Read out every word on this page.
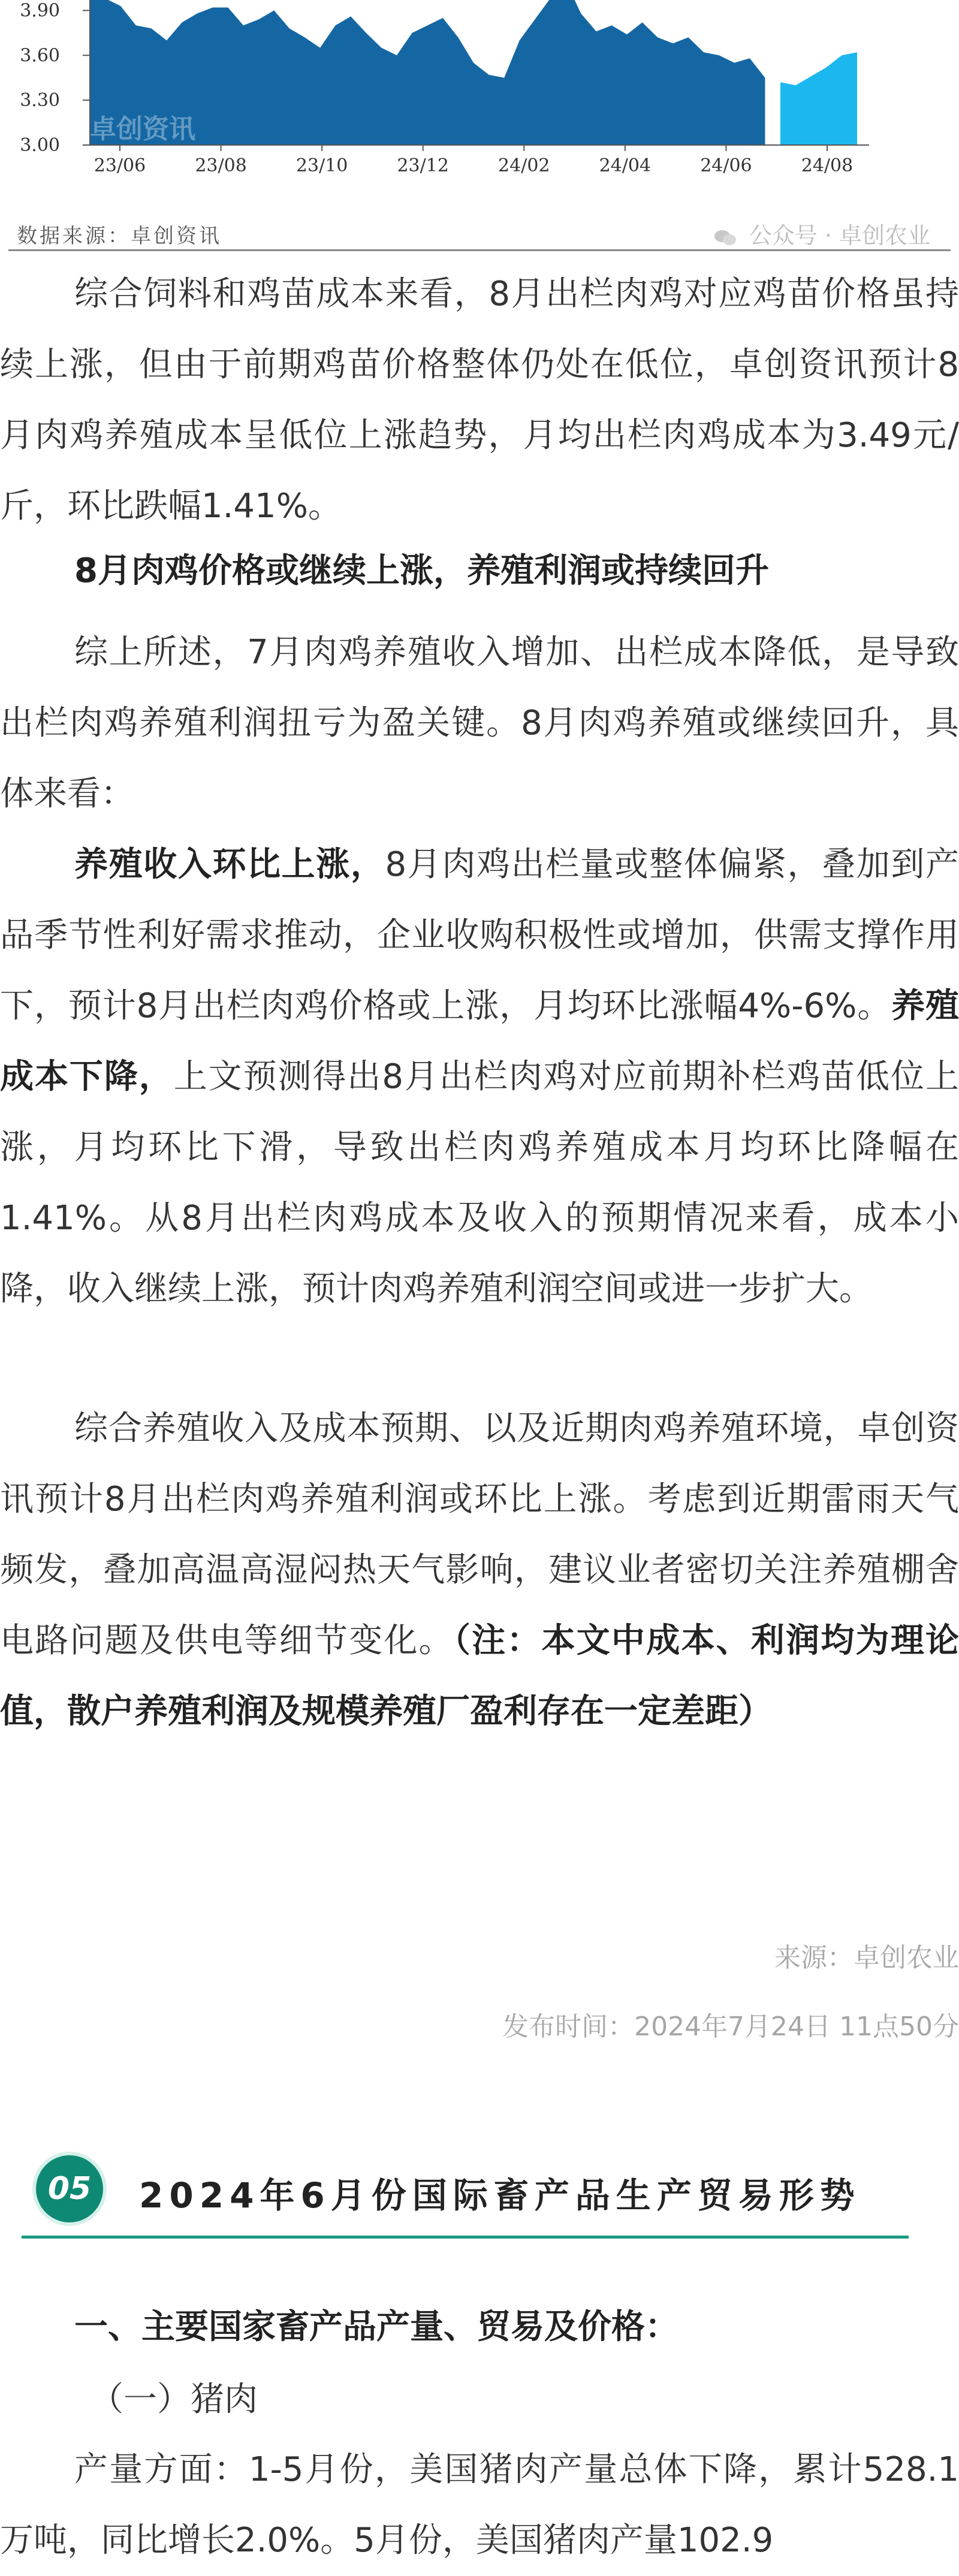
3.00
3.30
3.60
3.90
23/06	23/08	23/10	23/12	24/02	24/04	24/06	24/08
卓创资讯
数据来源：卓创资讯	公众号 · 卓创农业
综合饲料和鸡苗成本来看，8月出栏肉鸡对应鸡苗价格虽持续上涨，但由于前期鸡苗价格整体仍处在低位，卓创资讯预计8月肉鸡养殖成本呈低位上涨趋势，月均出栏肉鸡成本为3.49元/斤，环比跌幅1.41%。
8月肉鸡价格或继续上涨，养殖利润或持续回升
综上所述，7月肉鸡养殖收入增加、出栏成本降低，是导致出栏肉鸡养殖利润扭亏为盈关键。8月肉鸡养殖或继续回升，具体来看：
养殖收入环比上涨，8月肉鸡出栏量或整体偏紧，叠加到产品季节性利好需求推动，企业收购积极性或增加，供需支撑作用下，预计8月出栏肉鸡价格或上涨，月均环比涨幅4%-6%。养殖成本下降，上文预测得出8月出栏肉鸡对应前期补栏鸡苗低位上涨，月均环比下滑，导致出栏肉鸡养殖成本月均环比降幅在1.41%。从8月出栏肉鸡成本及收入的预期情况来看，成本小降，收入继续上涨，预计肉鸡养殖利润空间或进一步扩大。
综合养殖收入及成本预期、以及近期肉鸡养殖环境，卓创资讯预计8月出栏肉鸡养殖利润或环比上涨。考虑到近期雷雨天气频发，叠加高温高湿闷热天气影响，建议业者密切关注养殖棚舍电路问题及供电等细节变化。（注：本文中成本、利润均为理论值，散户养殖利润及规模养殖厂盈利存在一定差距）
来源：卓创农业
发布时间：2024年7月24日 11点50分
05 2024年6月份国际畜产品生产贸易形势
一、主要国家畜产品产量、贸易及价格：
（一）猪肉
产量方面：1-5月份，美国猪肉产量总体下降，累计528.1万吨，同比增长2.0%。5月份，美国猪肉产量102.9
